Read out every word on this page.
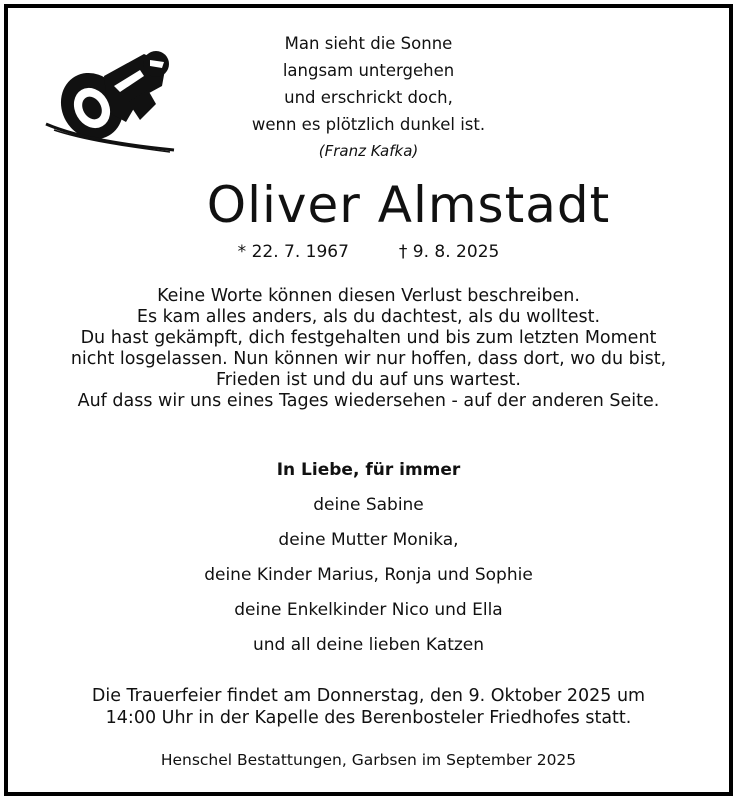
Man sieht die Sonne
langsam untergehen
und erschrickt doch,
wenn es plötzlich dunkel ist.
(Franz Kafka)
Oliver Almstadt
* 22. 7. 1967	† 9. 8. 2025
Keine Worte können diesen Verlust beschreiben.
Es kam alles anders, als du dachtest, als du wolltest.
Du hast gekämpft, dich festgehalten und bis zum letzten Moment
nicht losgelassen. Nun können wir nur hoffen, dass dort, wo du bist,
Frieden ist und du auf uns wartest.
Auf dass wir uns eines Tages wiedersehen - auf der anderen Seite.
In Liebe, für immer
deine Sabine
deine Mutter Monika,
deine Kinder Marius, Ronja und Sophie
deine Enkelkinder Nico und Ella
und all deine lieben Katzen
Die Trauerfeier findet am Donnerstag, den 9. Oktober 2025 um
14:00 Uhr in der Kapelle des Berenbosteler Friedhofes statt.
Henschel Bestattungen, Garbsen im September 2025
